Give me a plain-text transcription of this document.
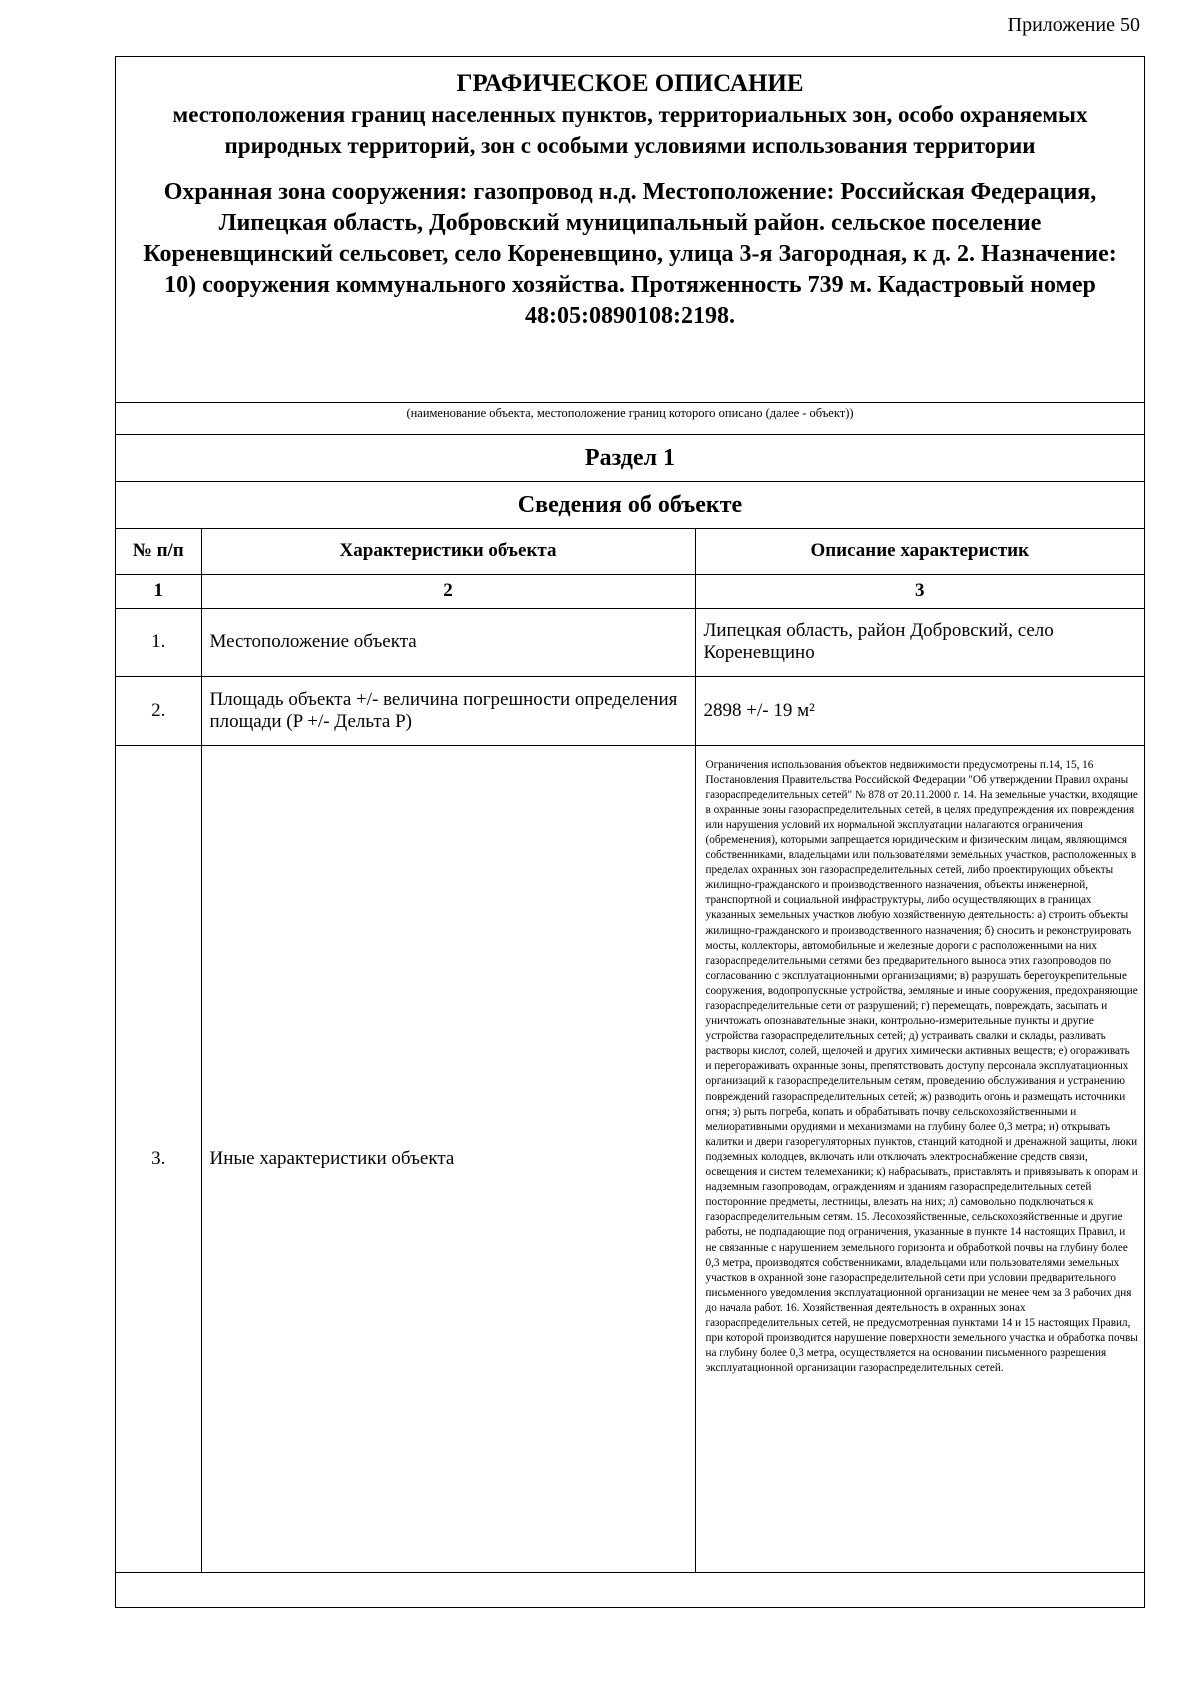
Приложение 50
ГРАФИЧЕСКОЕ ОПИСАНИЕ
местоположения границ населенных пунктов, территориальных зон, особо охраняемых природных территорий, зон с особыми условиями использования территории
Охранная зона сооружения: газопровод н.д. Местоположение: Российская Федерация, Липецкая область, Добровский муниципальный район. сельское поселение Кореневщинский сельсовет, село Кореневщино, улица 3-я Загородная, к д. 2. Назначение: 10) сооружения коммунального хозяйства. Протяженность 739 м. Кадастровый номер 48:05:0890108:2198.
(наименование объекта, местоположение границ которого описано (далее - объект))
Раздел 1
Сведения об объекте
№ п/п	Характеристики объекта	Описание характеристик
1	2	3
1.	Местоположение объекта	Липецкая область, район Добровский, село Кореневщино
2.	Площадь объекта +/- величина погрешности определения площади (P +/- Дельта P)	2898 +/- 19 м²
3.	Иные характеристики объекта	Ограничения использования объектов недвижимости предусмотрены п.14, 15, 16 Постановления Правительства Российской Федерации "Об утверждении Правил охраны газораспределительных сетей" № 878 от 20.11.2000 г. 14. На земельные участки, входящие в охранные зоны газораспределительных сетей, в целях предупреждения их повреждения или нарушения условий их нормальной эксплуатации налагаются ограничения (обременения), которыми запрещается юридическим и физическим лицам, являющимся собственниками, владельцами или пользователями земельных участков, расположенных в пределах охранных зон газораспределительных сетей, либо проектирующих объекты жилищно-гражданского и производственного назначения, объекты инженерной, транспортной и социальной инфраструктуры, либо осуществляющих в границах указанных земельных участков любую хозяйственную деятельность: а) строить объекты жилищно-гражданского и производственного назначения; б) сносить и реконструировать мосты, коллекторы, автомобильные и железные дороги с расположенными на них газораспределительными сетями без предварительного выноса этих газопроводов по согласованию с эксплуатационными организациями; в) разрушать берегоукрепительные сооружения, водопропускные устройства, земляные и иные сооружения, предохраняющие газораспределительные сети от разрушений; г) перемещать, повреждать, засыпать и уничтожать опознавательные знаки, контрольно-измерительные пункты и другие устройства газораспределительных сетей; д) устраивать свалки и склады, разливать растворы кислот, солей, щелочей и других химически активных веществ; е) огораживать и перегораживать охранные зоны, препятствовать доступу персонала эксплуатационных организаций к газораспределительным сетям, проведению обслуживания и устранению повреждений газораспределительных сетей; ж) разводить огонь и размещать источники огня; з) рыть погреба, копать и обрабатывать почву сельскохозяйственными и мелиоративными орудиями и механизмами на глубину более 0,3 метра; и) открывать калитки и двери газорегуляторных пунктов, станций катодной и дренажной защиты, люки подземных колодцев, включать или отключать электроснабжение средств связи, освещения и систем телемеханики; к) набрасывать, приставлять и привязывать к опорам и надземным газопроводам, ограждениям и зданиям газораспределительных сетей посторонние предметы, лестницы, влезать на них; л) самовольно подключаться к газораспределительным сетям. 15. Лесохозяйственные, сельскохозяйственные и другие работы, не подпадающие под ограничения, указанные в пункте 14 настоящих Правил, и не связанные с нарушением земельного горизонта и обработкой почвы на глубину более 0,3 метра, производятся собственниками, владельцами или пользователями земельных участков в охранной зоне газораспределительной сети при условии предварительного письменного уведомления эксплуатационной организации не менее чем за 3 рабочих дня до начала работ. 16. Хозяйственная деятельность в охранных зонах газораспределительных сетей, не предусмотренная пунктами 14 и 15 настоящих Правил, при которой производится нарушение поверхности земельного участка и обработка почвы на глубину более 0,3 метра, осуществляется на основании письменного разрешения эксплуатационной организации газораспределительных сетей.
